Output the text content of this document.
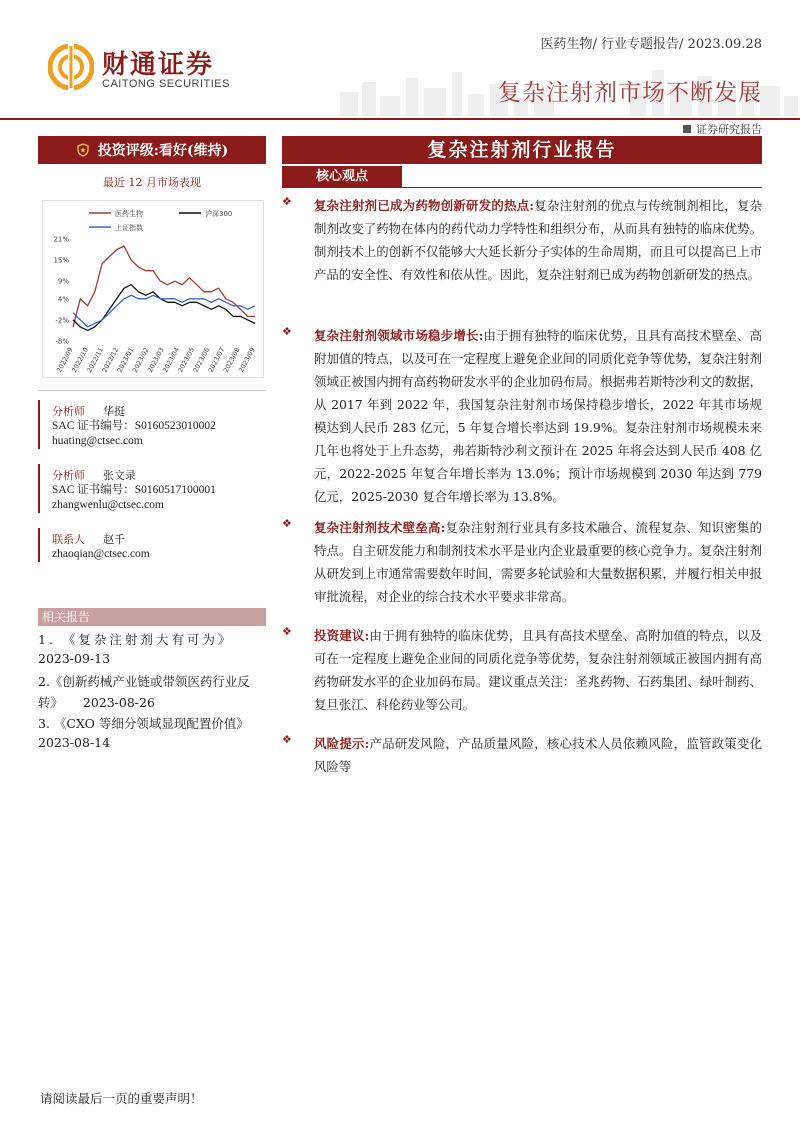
财通证券
CAITONG SECURITIES
医药生物/ 行业专题报告/ 2023.09.28
复杂注射剂市场不断发展
证券研究报告
投资评级:看好(维持)
最近 12 月市场表现
医药生物	沪深300
上证指数
21%
15%
9%
4%
-2%
-8%
2022/09
2022/10
2022/11
2022/12
2023/01
2023/02
2023/03
2023/04
2023/05
2023/06
2023/07
2023/08
2023/09
分析师 华挺
SAC 证书编号：S0160523010002
huating@ctsec.com
分析师 张文录
SAC 证书编号：S0160517100001
zhangwenlu@ctsec.com
联系人 赵千
zhaoqian@ctsec.com
相关报告
1. 《复杂注射剂大有可为》
2023-09-13
2.《创新药械产业链或带领医药行业反
转》     2023-08-26
3. 《CXO 等细分领域显现配置价值》
2023-08-14
复杂注射剂行业报告
核心观点
❖	复杂注射剂已成为药物创新研发的热点:复杂注射剂的优点与传统制剂相比，复杂制剂改变了药物在体内的药代动力学特性和组织分布，从而具有独特的临床优势。制剂技术上的创新不仅能够大大延长新分子实体的生命周期，而且可以提高已上市产品的安全性、有效性和依从性。因此，复杂注射剂已成为药物创新研发的热点。
❖	复杂注射剂领域市场稳步增长:由于拥有独特的临床优势，且具有高技术壁垒、高附加值的特点，以及可在一定程度上避免企业间的同质化竞争等优势，复杂注射剂领域正被国内拥有高药物研发水平的企业加码布局。根据弗若斯特沙利文的数据，从 2017 年到 2022 年，我国复杂注射剂市场保持稳步增长，2022 年其市场规模达到人民币 283 亿元，5 年复合增长率达到 19.9%。复杂注射剂市场规模未来几年也将处于上升态势，弗若斯特沙利文预计在 2025 年将会达到人民币 408 亿元，2022-2025 年复合年增长率为 13.0%；预计市场规模到 2030 年达到 779 亿元，2025-2030 复合年增长率为 13.8%。
❖	复杂注射剂技术壁垒高:复杂注射剂行业具有多技术融合、流程复杂、知识密集的特点。自主研发能力和制剂技术水平是业内企业最重要的核心竞争力。复杂注射剂从研发到上市通常需要数年时间，需要多轮试验和大量数据积累，并履行相关申报审批流程，对企业的综合技术水平要求非常高。
❖	投资建议:由于拥有独特的临床优势，且具有高技术壁垒、高附加值的特点，以及可在一定程度上避免企业间的同质化竞争等优势，复杂注射剂领域正被国内拥有高药物研发水平的企业加码布局。建议重点关注：圣兆药物、石药集团、绿叶制药、复旦张江、科伦药业等公司。
❖	风险提示:产品研发风险，产品质量风险，核心技术人员依赖风险，监管政策变化风险等
请阅读最后一页的重要声明！
